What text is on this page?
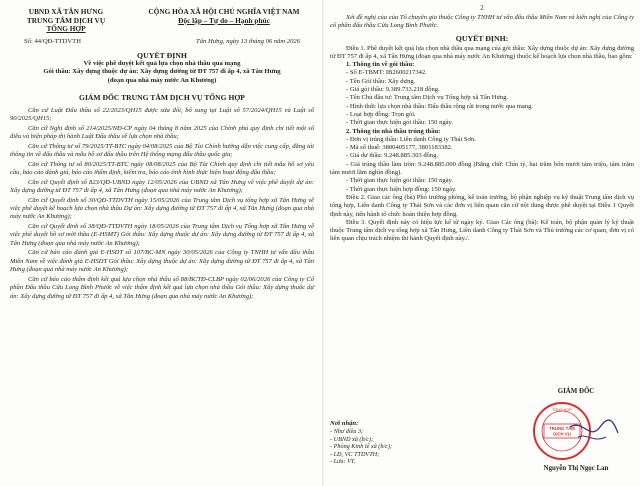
UBND XÃ TÂN HƯNG
TRUNG TÂM DỊCH VỤ
TỔNG HỢP
CỘNG HÒA XÃ HỘI CHỦ NGHĨA VIỆT NAM
Độc lập – Tự do – Hạnh phúc
Số: 44/QĐ-TTDVTH	Tân Hưng, ngày 13 tháng 06 năm 2026
QUYẾT ĐỊNH
Về việc phê duyệt kết quả lựa chọn nhà thầu qua mạng
Gói thầu: Xây dựng thuộc dự án: Xây dựng đường từ ĐT 757 đi ấp 4, xã Tân Hưng
(đoạn qua nhà máy nước An Khương)
GIÁM ĐỐC TRUNG TÂM DỊCH VỤ TỔNG HỢP

Căn cứ Luật Đấu thầu số 22/2023/QH15 được sửa đổi, bổ sung tại Luật số 57/2024/QH15 và Luật số 90/2025/QH15;

Căn cứ Nghị định số 214/2025/NĐ-CP ngày 04 tháng 8 năm 2025 của Chính phủ quy định chi tiết một số điều và biện pháp thi hành Luật Đấu thầu về lựa chọn nhà thầu;

Căn cứ Thông tư số 79/2025/TT-BTC ngày 04/08/2025 của Bộ Tài Chính hướng dẫn việc cung cấp, đăng tải thông tin về đấu thầu và mẫu hồ sơ đấu thầu trên Hệ thống mạng đấu thầu quốc gia;

Căn cứ Thông tư số 80/2025/TT-BTC ngày 08/08/2025 của Bộ Tài Chính quy định chi tiết mẫu hồ sơ yêu cầu, báo cáo đánh giá, báo cáo thẩm định, kiểm tra, báo cáo tình hình thực hiện hoạt động đấu thầu;

Căn cứ Quyết định số 823/QĐ-UBND ngày 12/05/2026 của UBND xã Tân Hưng về việc phê duyệt dự án: Xây dựng đường từ ĐT 757 đi ấp 4, xã Tân Hưng (đoạn qua nhà máy nước An Khương);

Căn cứ Quyết định số 30/QĐ-TTDVTH ngày 15/05/2026 của Trung tâm Dịch vụ tổng hợp xã Tân Hưng về việc phê duyệt kế hoạch lựa chọn nhà thầu Dự án: Xây dựng đường từ ĐT 757 đi ấp 4, xã Tân Hưng (đoạn qua nhà máy nước An Khương);

Căn cứ Quyết định số 38/QĐ-TTDVTH ngày 18/05/2026 của Trung tâm Dịch vụ Tổng hợp xã Tân Hưng về việc phê duyệt hồ sơ mời thầu (E-HSMT) Gói thầu: Xây dựng thuộc dự án: Xây dựng đường từ ĐT 757 đi ấp 4, xã Tân Hưng (đoạn qua nhà máy nước An Khương);

Căn cứ báo cáo đánh giá E-HSDT số 107/BC-MN ngày 30/05/2026 của Công ty TNHH tư vấn đấu thầu Miền Nam về việc đánh giá E-HSDT Gói thầu: Xây dựng thuộc dự án: Xây dựng đường từ ĐT 757 đi ấp 4, xã Tân Hưng (đoạn qua nhà máy nước An Khương);

Căn cứ báo cáo thẩm định kết quả lựa chọn nhà thầu số 88/BCTĐ-CLBP ngày 02/06/2026 của Công ty Cổ phần Đấu thầu Cửu Long Bình Phước về việc thẩm định kết quả lựa chọn nhà thầu Gói thầu: Xây dựng thuộc dự án: Xây dựng đường từ ĐT 757 đi ấp 4, xã Tân Hưng (đoạn qua nhà máy nước An Khương);

2

Xét đề nghị của của Tổ chuyên gia thuộc Công ty TNHH tư vấn đấu thầu Miền Nam và kiến nghị của Công ty cổ phần đấu thầu Cửu Long Bình Phước.

QUYẾT ĐỊNH:

Điều 1. Phê duyệt kết quả lựa chọn nhà thầu qua mạng của gói thầu: Xây dựng thuộc dự án: Xây dựng đường từ ĐT 757 đi ấp 4, xã Tân Hưng (đoạn qua nhà máy nước An Khương) thuộc kế hoạch lựa chọn nhà thầu, bao gồm:

1. Thông tin về gói thầu:

- Số E-TBMT: IB2600217342.

- Tên Gói thầu: Xây dựng.

- Giá gói thầu: 9.389.733.218 đồng.

- Tên Chủ đầu tư: Trung tâm Dịch vụ Tổng hợp xã Tân Hưng.

- Hình thức lựa chọn nhà thầu: Đấu thầu rộng rãi trong nước qua mạng.

- Loại hợp đồng: Trọn gói.

- Thời gian thực hiện gói thầu: 150 ngày.

2. Thông tin nhà thầu trúng thầu:

- Đơn vị trúng thầu: Liên danh Công ty Thái Sơn.

- Mã số thuế: 3800405177, 3801183382.

- Giá dự thầu: 9.248.885.303 đồng.

- Giá trúng thầu làm tròn: 9.248.885.000 đồng (Bằng chữ: Chín tỷ, hai trăm bốn mươi tám triệu, tám trăm tám mươi lăm nghìn đồng).

- Thời gian thực hiện gói thầu: 150 ngày.

- Thời gian thực hiện hợp đồng: 150 ngày.

Điều 2. Giao các ông (bà) Phó trưởng phòng, kế toán trưởng, bộ phận nghiệp vụ kỹ thuật Trung tâm dịch vụ tổng hợp, Liên danh Công ty Thái Sơn và các đơn vị liên quan căn cứ nội dung được phê duyệt tại Điều 1 Quyết định này, tiến hành tổ chức hoàn thiện hợp đồng.

Điều 3. Quyết định này có hiệu lực kể từ ngày ký. Giao Các ông (bà): Kế toán, bộ phận quản lý kỹ thuật thuộc Trung tâm dịch vụ tổng hợp xã Tân Hưng, Liên danh Công ty Thái Sơn và Thủ trưởng các cơ quan, đơn vị có liên quan chịu trách nhiệm thi hành Quyết định này./.

Nơi nhận:
- Như điều 3;
- UBND xã (b/c);
- Phòng Kinh tế xã (b/c);
- LĐ, VC TTDVTH;
- Lưu: VT.
GIÁM ĐỐC
TRUNG TÂM
DỊCH VỤ
TỔNG HỢP
Nguyễn Thị Ngọc Lan
